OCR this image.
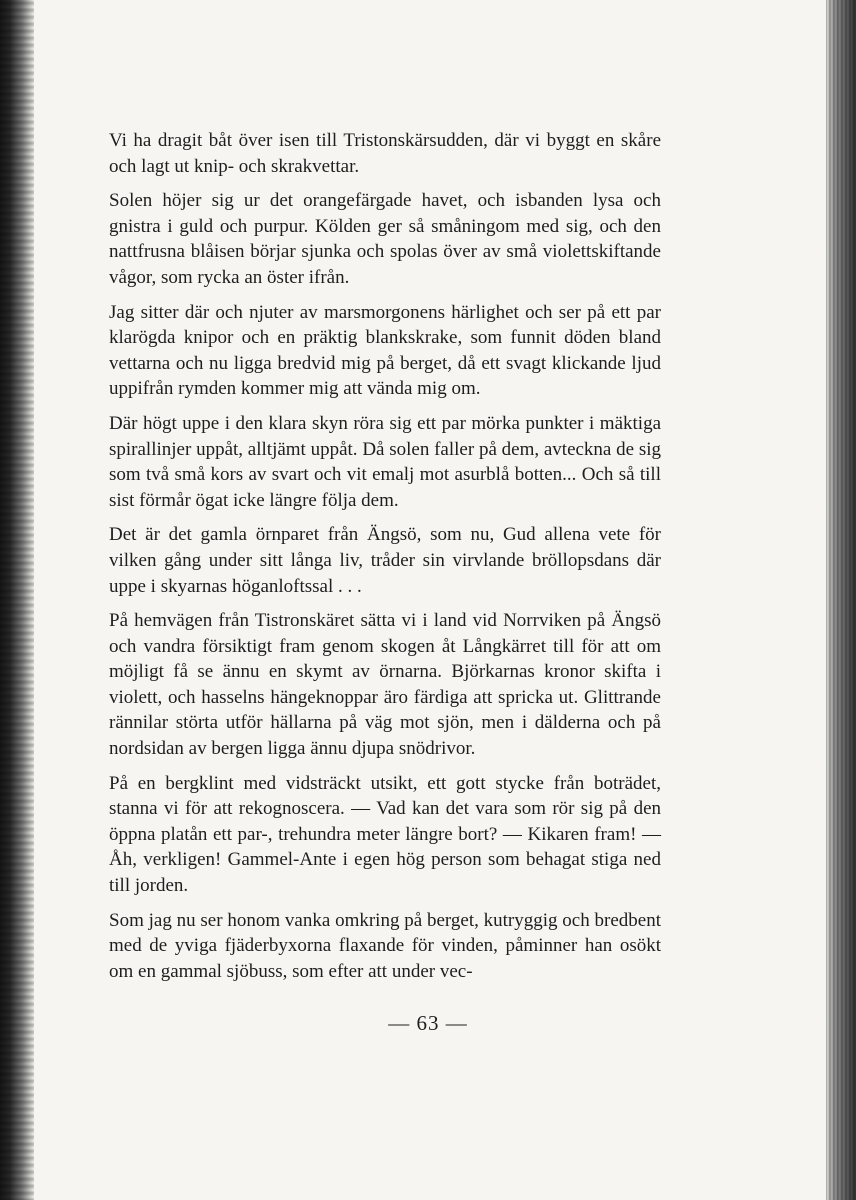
Vi ha dragit båt över isen till Tristonskärsudden, där vi byggt en skåre och lagt ut knip- och skrakvettar.

Solen höjer sig ur det orangefärgade havet, och isbanden lysa och gnistra i guld och purpur. Kölden ger så småningom med sig, och den nattfrusna blåisen börjar sjunka och spolas över av små violettskiftande vågor, som rycka an öster ifrån.

Jag sitter där och njuter av marsmorgonens härlighet och ser på ett par klarögda knipor och en präktig blankskrake, som funnit döden bland vettarna och nu ligga bredvid mig på berget, då ett svagt klickande ljud uppifrån rymden kommer mig att vända mig om.

Där högt uppe i den klara skyn röra sig ett par mörka punkter i mäktiga spirallinjer uppåt, alltjämt uppåt. Då solen faller på dem, avteckna de sig som två små kors av svart och vit emalj mot asurblå botten... Och så till sist förmår ögat icke längre följa dem.

Det är det gamla örnparet från Ängsö, som nu, Gud allena vete för vilken gång under sitt långa liv, tråder sin virvlande bröllopsdans där uppe i skyarnas höganloftssal . . .

På hemvägen från Tistronskäret sätta vi i land vid Norrviken på Ängsö och vandra försiktigt fram genom skogen åt Långkärret till för att om möjligt få se ännu en skymt av örnarna. Björkarnas kronor skifta i violett, och hasselns hängeknoppar äro färdiga att spricka ut. Glittrande rännilar störta utför hällarna på väg mot sjön, men i dälderna och på nordsidan av bergen ligga ännu djupa snödrivor.

På en bergklint med vidsträckt utsikt, ett gott stycke från boträdet, stanna vi för att rekognoscera. — Vad kan det vara som rör sig på den öppna platån ett par-, trehundra meter längre bort? — Kikaren fram! — Åh, verkligen! Gammel-Ante i egen hög person som behagat stiga ned till jorden.

Som jag nu ser honom vanka omkring på berget, kutryggig och bredbent med de yviga fjäderbyxorna flaxande för vinden, påminner han osökt om en gammal sjöbuss, som efter att under vec-

— 63 —
